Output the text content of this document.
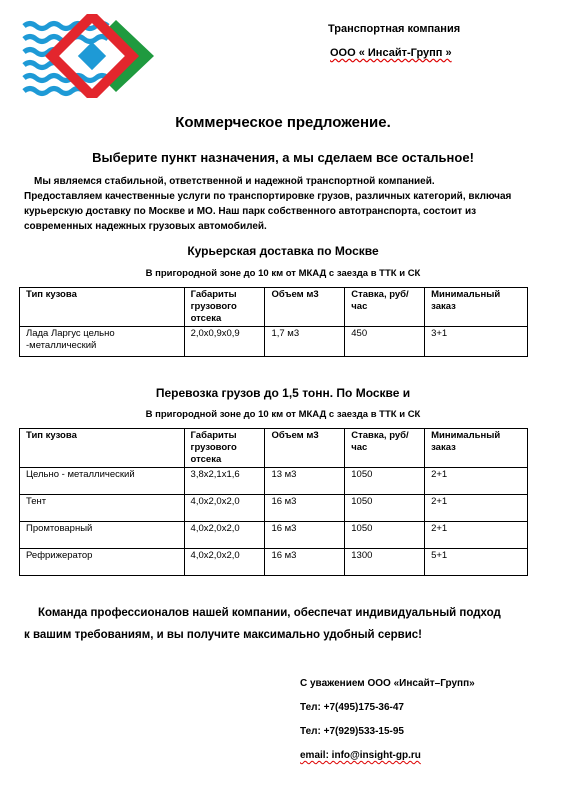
Транспортная компания
ООО « Инсайт-Групп »
Коммерческое предложение.
Выберите пункт назначения, а мы сделаем все остальное!

Мы являемся стабильной, ответственной и надежной транспортной компанией.

Предоставляем качественные услуги по транспортировке грузов, различных категорий, включая

курьерскую доставку по Москве и МО. Наш парк собственного автотранспорта, состоит из

современных надежных грузовых автомобилей.

Курьерская доставка по Москве
В пригородной зоне до 10 км от МКАД с заезда в ТТК и СК
Тип кузова	Габариты грузового отсека	Объем м3	Ставка, руб/час	Минимальный заказ
Лада Ларгус цельно -металлический	2,0х0,9х0,9	1,7 м3	450	3+1
Перевозка грузов до 1,5 тонн. По Москве и
В пригородной зоне до 10 км от МКАД с заезда в ТТК и СК
Тип кузова	Габариты грузового отсека	Объем м3	Ставка, руб/час	Минимальный заказ
Цельно - металлический	3,8х2,1х1,6	13 м3	1050	2+1
Тент	4,0х2,0х2,0	16 м3	1050	2+1
Промтоварный	4,0х2,0х2,0	16 м3	1050	2+1
Рефрижератор	4,0х2,0х2,0	16 м3	1300	5+1
Команда профессионалов нашей компании, обеспечат индивидуальный подход
к вашим требованиям, и вы получите максимально удобный сервис!
С уважением ООО «Инсайт–Групп»
Тел: +7(495)175-36-47
Тел: +7(929)533-15-95
email: info@insight-gp.ru
